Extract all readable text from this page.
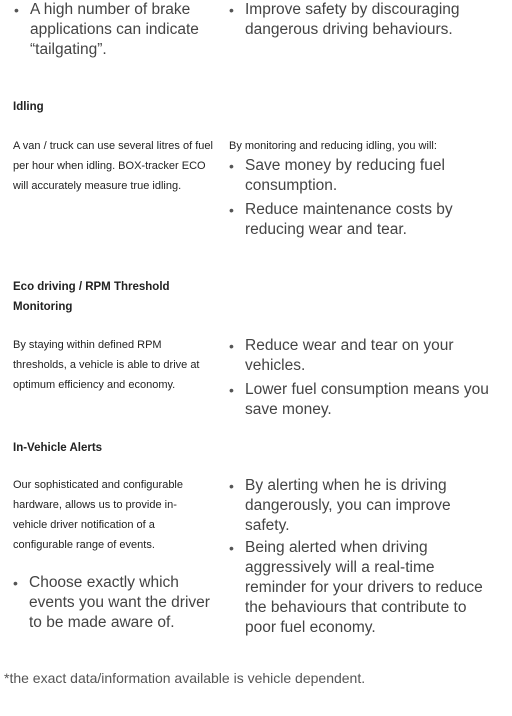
• A high number of brake applications can indicate “tailgating”.
• Improve safety by discouraging dangerous driving behaviours.
Idling
A van / truck can use several litres of fuel per hour when idling. BOX-tracker ECO will accurately measure true idling.
By monitoring and reducing idling, you will:
• Save money by reducing fuel consumption.
• Reduce maintenance costs by reducing wear and tear.
Eco driving / RPM Threshold Monitoring
By staying within defined RPM thresholds, a vehicle is able to drive at optimum efficiency and economy.
• Reduce wear and tear on your vehicles.
• Lower fuel consumption means you save money.
In-Vehicle Alerts
Our sophisticated and configurable hardware, allows us to provide in-vehicle driver notification of a configurable range of events.
• Choose exactly which events you want the driver to be made aware of.
• By alerting when he is driving dangerously, you can improve safety.
• Being alerted when driving aggressively will a real-time reminder for your drivers to reduce the behaviours that contribute to poor fuel economy.
*the exact data/information available is vehicle dependent.
